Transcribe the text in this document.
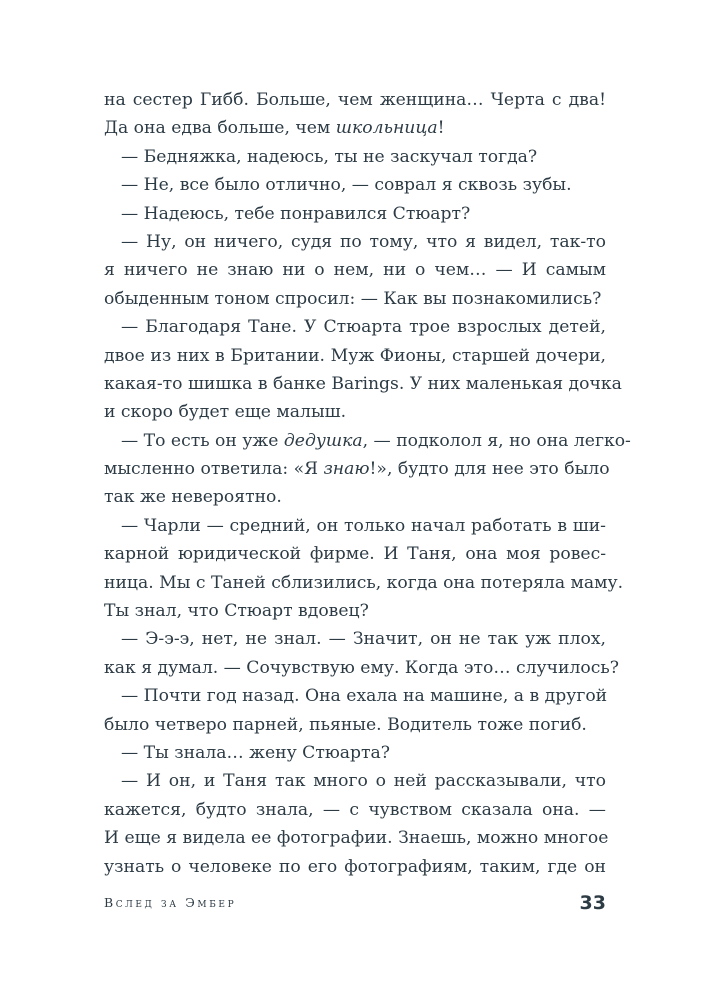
на сестер Гибб. Больше, чем женщина… Черта с два!
Да она едва больше, чем школьница!
— Бедняжка, надеюсь, ты не заскучал тогда?
— Не, все было отлично, — соврал я сквозь зубы.
— Надеюсь, тебе понравился Стюарт?
— Ну, он ничего, судя по тому, что я видел, так-то
я ничего не знаю ни о нем, ни о чем… — И самым
обыденным тоном спросил: — Как вы познакомились?
— Благодаря Тане. У Стюарта трое взрослых детей,
двое из них в Британии. Муж Фионы, старшей дочери,
какая-то шишка в банке Barings. У них маленькая дочка
и скоро будет еще малыш.
— То есть он уже дедушка, — подколол я, но она легко-
мысленно ответила: «Я знаю!», будто для нее это было
так же невероятно.
— Чарли — средний, он только начал работать в ши-
карной юридической фирме. И Таня, она моя ровес-
ница. Мы с Таней сблизились, когда она потеряла маму.
Ты знал, что Стюарт вдовец?
— Э-э-э, нет, не знал. — Значит, он не так уж плох,
как я думал. — Сочувствую ему. Когда это… случилось?
— Почти год назад. Она ехала на машине, а в другой
было четверо парней, пьяные. Водитель тоже погиб.
— Ты знала… жену Стюарта?
— И он, и Таня так много о ней рассказывали, что
кажется, будто знала, — с чувством сказала она. —
И еще я видела ее фотографии. Знаешь, можно многое
узнать о человеке по его фотографиям, таким, где он
Вслед за Эмбер	33
